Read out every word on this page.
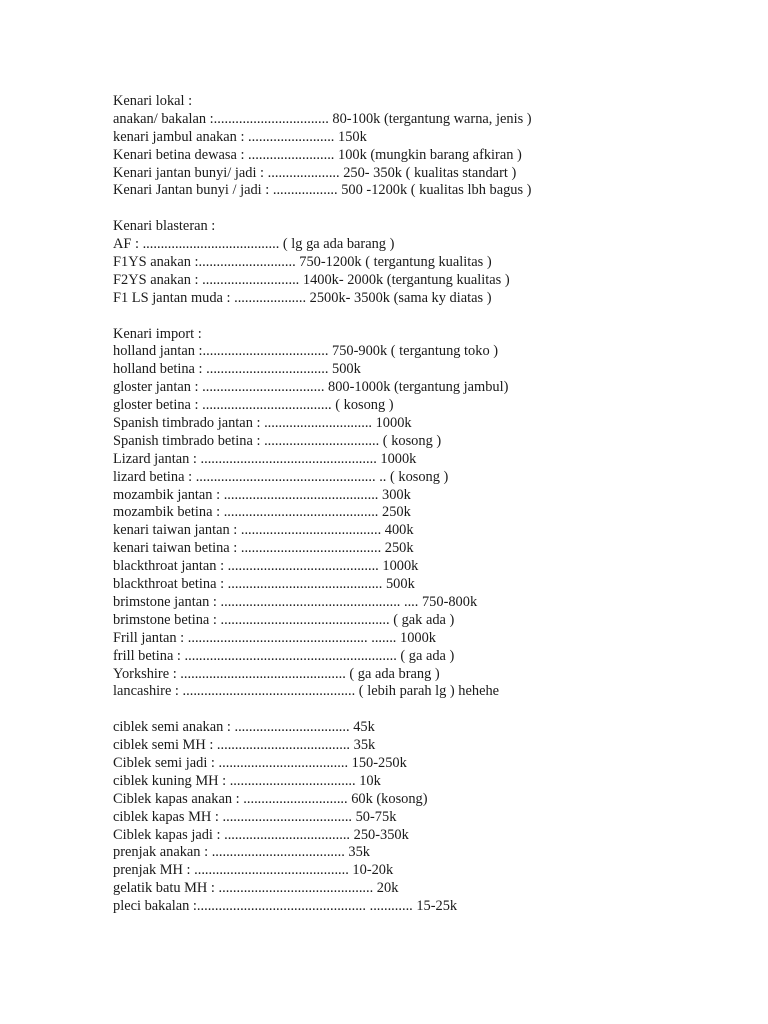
Kenari lokal :
anakan/ bakalan :................................ 80-100k (tergantung warna, jenis )
kenari jambul anakan : ........................ 150k
Kenari betina dewasa : ........................ 100k (mungkin barang afkiran )
Kenari jantan bunyi/ jadi : .................... 250- 350k ( kualitas standart )
Kenari Jantan bunyi / jadi : .................. 500 -1200k ( kualitas lbh bagus )
Kenari blasteran :
AF : ...................................... ( lg ga ada barang )
F1YS anakan :........................... 750-1200k ( tergantung kualitas )
F2YS anakan : ........................... 1400k- 2000k (tergantung kualitas )
F1 LS jantan muda : .................... 2500k- 3500k (sama ky diatas )
Kenari import :
holland jantan :................................... 750-900k ( tergantung toko )
holland betina : .................................. 500k
gloster jantan : .................................. 800-1000k (tergantung jambul)
gloster betina : .................................... ( kosong )
Spanish timbrado jantan : .............................. 1000k
Spanish timbrado betina : ................................ ( kosong )
Lizard jantan : ................................................. 1000k
lizard betina : .................................................. .. ( kosong )
mozambik jantan : ........................................... 300k
mozambik betina : ........................................... 250k
kenari taiwan jantan : ....................................... 400k
kenari taiwan betina : ....................................... 250k
blackthroat jantan : .......................................... 1000k
blackthroat betina : ........................................... 500k
brimstone jantan : .................................................. .... 750-800k
brimstone betina : ............................................... ( gak ada )
Frill jantan : .................................................. ....... 1000k
frill betina : ........................................................... ( ga ada )
Yorkshire : .............................................. ( ga ada brang )
lancashire : ................................................ ( lebih parah lg ) hehehe
ciblek semi anakan : ................................ 45k
ciblek semi MH : ..................................... 35k
Ciblek semi jadi : .................................... 150-250k
ciblek kuning MH : ................................... 10k
Ciblek kapas anakan : ............................. 60k (kosong)
ciblek kapas MH : .................................... 50-75k
Ciblek kapas jadi : ................................... 250-350k
prenjak anakan : ..................................... 35k
prenjak MH : ........................................... 10-20k
gelatik batu MH : ........................................... 20k
pleci bakalan :............................................... ............ 15-25k
